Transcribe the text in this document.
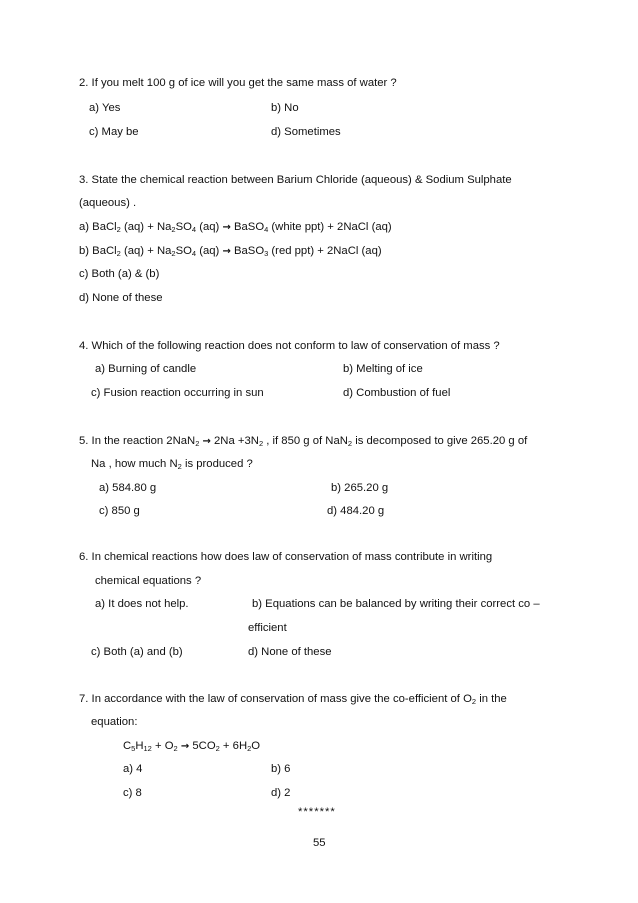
2. If you melt 100 g of ice will you get the same mass of water ?
a) Yes	b) No
c) May be	d) Sometimes
3. State the chemical reaction between Barium Chloride (aqueous) & Sodium Sulphate
(aqueous) .
a) BaCl$_2$ $(aq) + Na_2SO_4$ (aq) → BaSO$_4$ (white ppt) + 2NaCl (aq)
b) BaCl$_2$ $(aq) + Na_2SO_4$ (aq) → BaSO$_3$ (red ppt) + 2NaCl (aq)
c) Both (a) & (b)
d) None of these
4. Which of the following reaction does not conform to law of conservation of mass ?
a) Burning of candle	b) Melting of ice
c) Fusion reaction occurring in sun	d) Combustion of fuel
5. In the reaction $2NaN_2 \to 2Na +3N_2$ , if 850 g of NaN$_2$ is decomposed to give 265.20 g of
Na , how much $N_2$ is produced ?
a) 584.80 g	b) 265.20 g
c) 850 g	d) 484.20 g
6. In chemical reactions how does law of conservation of mass contribute in writing
chemical equations ?
a) It does not help.	b) Equations can be balanced by writing their correct co –
efficient
c) Both (a) and (b)	d) None of these
7. In accordance with the law of conservation of mass give the co-efficient of $O_2$ in the
equation:
$C_5H_{12} + O_2 \to 5CO_2 + 6H_2O$
a) 4	b) 6
c) 8	d) 2
*******
55
